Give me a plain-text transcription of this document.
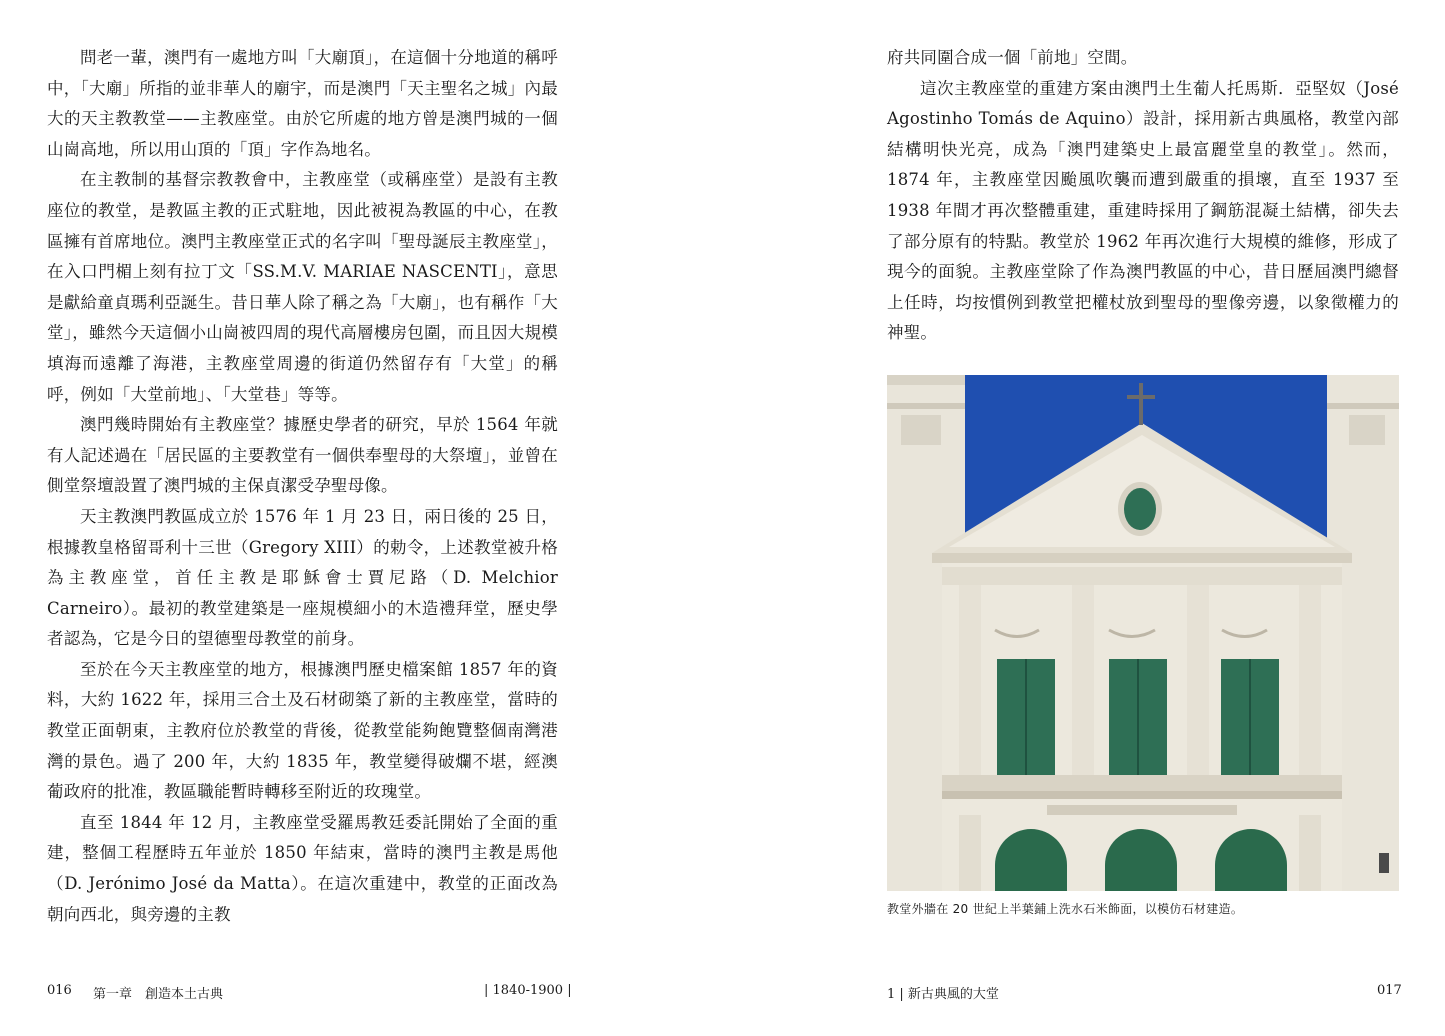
問老一輩，澳門有一處地方叫「大廟頂」，在這個十分地道的稱呼中，「大廟」所指的並非華人的廟宇，而是澳門「天主聖名之城」內最大的天主教教堂——主教座堂。由於它所處的地方曾是澳門城的一個山崗高地，所以用山頂的「頂」字作為地名。

在主教制的基督宗教教會中，主教座堂（或稱座堂）是設有主教座位的教堂，是教區主教的正式駐地，因此被視為教區的中心，在教區擁有首席地位。澳門主教座堂正式的名字叫「聖母誕辰主教座堂」，在入口門楣上刻有拉丁文「SS.M.V. MARIAE NASCENTI」，意思是獻給童貞瑪利亞誕生。昔日華人除了稱之為「大廟」，也有稱作「大堂」，雖然今天這個小山崗被四周的現代高層樓房包圍，而且因大規模填海而遠離了海港，主教座堂周邊的街道仍然留存有「大堂」的稱呼，例如「大堂前地」、「大堂巷」等等。

澳門幾時開始有主教座堂？據歷史學者的研究，早於 1564 年就有人記述過在「居民區的主要教堂有一個供奉聖母的大祭壇」，並曾在側堂祭壇設置了澳門城的主保貞潔受孕聖母像。

天主教澳門教區成立於 1576 年 1 月 23 日，兩日後的 25 日，根據教皇格留哥利十三世（Gregory XIII）的勅令，上述教堂被升格為主教座堂，首任主教是耶穌會士賈尼路（D. Melchior Carneiro）。最初的教堂建築是一座規模細小的木造禮拜堂，歷史學者認為，它是今日的望德聖母教堂的前身。

至於在今天主教座堂的地方，根據澳門歷史檔案館 1857 年的資料，大約 1622 年，採用三合土及石材砌築了新的主教座堂，當時的教堂正面朝東，主教府位於教堂的背後，從教堂能夠飽覽整個南灣港灣的景色。過了 200 年，大約 1835 年，教堂變得破爛不堪，經澳葡政府的批准，教區職能暫時轉移至附近的玫瑰堂。

直至 1844 年 12 月，主教座堂受羅馬教廷委託開始了全面的重建，整個工程歷時五年並於 1850 年結束，當時的澳門主教是馬他（D. Jerónimo José da Matta）。在這次重建中，教堂的正面改為朝向西北，與旁邊的主教

016 第一章　創造本土古典	| 1840-1900 |

府共同圍合成一個「前地」空間。

這次主教座堂的重建方案由澳門土生葡人托馬斯．亞堅奴（José Agostinho Tomás de Aquino）設計，採用新古典風格，教堂內部結構明快光亮，成為「澳門建築史上最富麗堂皇的教堂」。然而，1874 年，主教座堂因颱風吹襲而遭到嚴重的損壞，直至 1937 至 1938 年間才再次整體重建，重建時採用了鋼筋混凝土結構，卻失去了部分原有的特點。教堂於 1962 年再次進行大規模的維修，形成了現今的面貌。主教座堂除了作為澳門教區的中心，昔日歷屆澳門總督上任時，均按慣例到教堂把權杖放到聖母的聖像旁邊，以象徵權力的神聖。

教堂外牆在 20 世紀上半葉鋪上洗水石米飾面，以模仿石材建造。
1 | 新古典風的大堂	017
